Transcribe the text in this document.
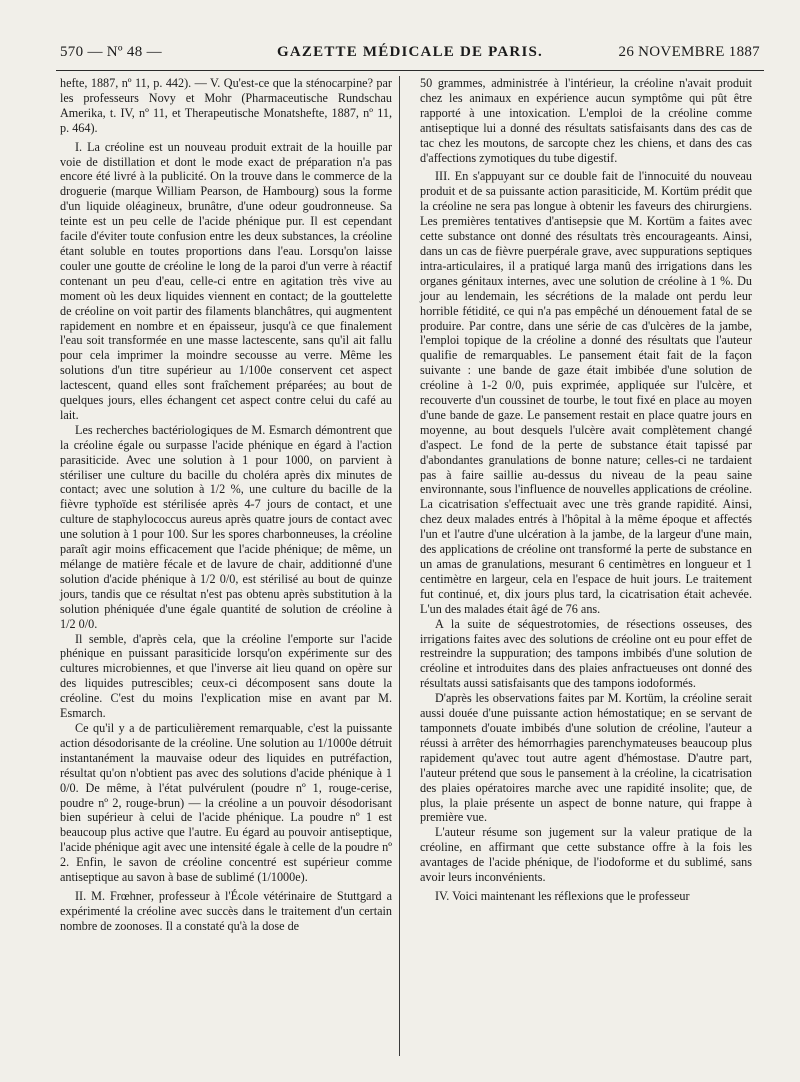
570 — Nº 48 —	GAZETTE MÉDICALE DE PARIS.	26 NOVEMBRE 1887

hefte, 1887, nº 11, p. 442). — V. Qu'est-ce que la sténocarpine? par les professeurs Novy et Mohr (Pharmaceutische Rundschau Amerika, t. IV, nº 11, et Therapeutische Monatshefte, 1887, nº 11, p. 464).

I. La créoline est un nouveau produit extrait de la houille par voie de distillation et dont le mode exact de préparation n'a pas encore été livré à la publicité. On la trouve dans le commerce de la droguerie (marque William Pearson, de Hambourg) sous la forme d'un liquide oléagineux, brunâtre, d'une odeur goudronneuse. Sa teinte est un peu celle de l'acide phénique pur. Il est cependant facile d'éviter toute confusion entre les deux substances, la créoline étant soluble en toutes proportions dans l'eau. Lorsqu'on laisse couler une goutte de créoline le long de la paroi d'un verre à réactif contenant un peu d'eau, celle-ci entre en agitation très vive au moment où les deux liquides viennent en contact; de la gouttelette de créoline on voit partir des filaments blanchâtres, qui augmentent rapidement en nombre et en épaisseur, jusqu'à ce que finalement l'eau soit transformée en une masse lactescente, sans qu'il ait fallu pour cela imprimer la moindre secousse au verre. Même les solutions d'un titre supérieur au 1/100e conservent cet aspect lactescent, quand elles sont fraîchement préparées; au bout de quelques jours, elles échangent cet aspect contre celui du café au lait.

Les recherches bactériologiques de M. Esmarch démontrent que la créoline égale ou surpasse l'acide phénique en égard à l'action parasiticide. Avec une solution à 1 pour 1000, on parvient à stériliser une culture du bacille du choléra après dix minutes de contact; avec une solution à 1/2 %, une culture du bacille de la fièvre typhoïde est stérilisée après 4-7 jours de contact, et une culture de staphylococcus aureus après quatre jours de contact avec une solution à 1 pour 100. Sur les spores charbonneuses, la créoline paraît agir moins efficacement que l'acide phénique; de même, un mélange de matière fécale et de lavure de chair, additionné d'une solution d'acide phénique à 1/2 0/0, est stérilisé au bout de quinze jours, tandis que ce résultat n'est pas obtenu après substitution à la solution phéniquée d'une égale quantité de solution de créoline à 1/2 0/0.

Il semble, d'après cela, que la créoline l'emporte sur l'acide phénique en puissant parasiticide lorsqu'on expérimente sur des cultures microbiennes, et que l'inverse ait lieu quand on opère sur des liquides putrescibles; ceux-ci décomposent sans doute la créoline. C'est du moins l'explication mise en avant par M. Esmarch.

Ce qu'il y a de particulièrement remarquable, c'est la puissante action désodorisante de la créoline. Une solution au 1/1000e détruit instantanément la mauvaise odeur des liquides en putréfaction, résultat qu'on n'obtient pas avec des solutions d'acide phénique à 1 0/0. De même, à l'état pulvérulent (poudre nº 1, rouge-cerise, poudre nº 2, rouge-brun) — la créoline a un pouvoir désodorisant bien supérieur à celui de l'acide phénique. La poudre nº 1 est beaucoup plus active que l'autre. Eu égard au pouvoir antiseptique, l'acide phénique agit avec une intensité égale à celle de la poudre nº 2. Enfin, le savon de créoline concentré est supérieur comme antiseptique au savon à base de sublimé (1/1000e).

II. M. Frœhner, professeur à l'École vétérinaire de Stuttgard a expérimenté la créoline avec succès dans le traitement d'un certain nombre de zoonoses. Il a constaté qu'à la dose de

50 grammes, administrée à l'intérieur, la créoline n'avait produit chez les animaux en expérience aucun symptôme qui pût être rapporté à une intoxication. L'emploi de la créoline comme antiseptique lui a donné des résultats satisfaisants dans des cas de tac chez les moutons, de sarcopte chez les chiens, et dans des cas d'affections zymotiques du tube digestif.

III. En s'appuyant sur ce double fait de l'innocuité du nouveau produit et de sa puissante action parasiticide, M. Kortüm prédit que la créoline ne sera pas longue à obtenir les faveurs des chirurgiens. Les premières tentatives d'antisepsie que M. Kortüm a faites avec cette substance ont donné des résultats très encourageants. Ainsi, dans un cas de fièvre puerpérale grave, avec suppurations septiques intra-articulaires, il a pratiqué larga manû des irrigations dans les organes génitaux internes, avec une solution de créoline à 1 %. Du jour au lendemain, les sécrétions de la malade ont perdu leur horrible fétidité, ce qui n'a pas empêché un dénouement fatal de se produire. Par contre, dans une série de cas d'ulcères de la jambe, l'emploi topique de la créoline a donné des résultats que l'auteur qualifie de remarquables. Le pansement était fait de la façon suivante : une bande de gaze était imbibée d'une solution de créoline à 1-2 0/0, puis exprimée, appliquée sur l'ulcère, et recouverte d'un coussinet de tourbe, le tout fixé en place au moyen d'une bande de gaze. Le pansement restait en place quatre jours en moyenne, au bout desquels l'ulcère avait complètement changé d'aspect. Le fond de la perte de substance était tapissé par d'abondantes granulations de bonne nature; celles-ci ne tardaient pas à faire saillie au-dessus du niveau de la peau saine environnante, sous l'influence de nouvelles applications de créoline. La cicatrisation s'effectuait avec une très grande rapidité. Ainsi, chez deux malades entrés à l'hôpital à la même époque et affectés l'un et l'autre d'une ulcération à la jambe, de la largeur d'une main, des applications de créoline ont transformé la perte de substance en un amas de granulations, mesurant 6 centimètres en longueur et 1 centimètre en largeur, cela en l'espace de huit jours. Le traitement fut continué, et, dix jours plus tard, la cicatrisation était achevée. L'un des malades était âgé de 76 ans.

A la suite de séquestrotomies, de résections osseuses, des irrigations faites avec des solutions de créoline ont eu pour effet de restreindre la suppuration; des tampons imbibés d'une solution de créoline et introduites dans des plaies anfractueuses ont donné des résultats aussi satisfaisants que des tampons iodoformés.

D'après les observations faites par M. Kortüm, la créoline serait aussi douée d'une puissante action hémostatique; en se servant de tamponnets d'ouate imbibés d'une solution de créoline, l'auteur a réussi à arrêter des hémorrhagies parenchymateuses beaucoup plus rapidement qu'avec tout autre agent d'hémostase. D'autre part, l'auteur prétend que sous le pansement à la créoline, la cicatrisation des plaies opératoires marche avec une rapidité insolite; que, de plus, la plaie présente un aspect de bonne nature, qui frappe à première vue.

L'auteur résume son jugement sur la valeur pratique de la créoline, en affirmant que cette substance offre à la fois les avantages de l'acide phénique, de l'iodoforme et du sublimé, sans avoir leurs inconvénients.

IV. Voici maintenant les réflexions que le professeur
